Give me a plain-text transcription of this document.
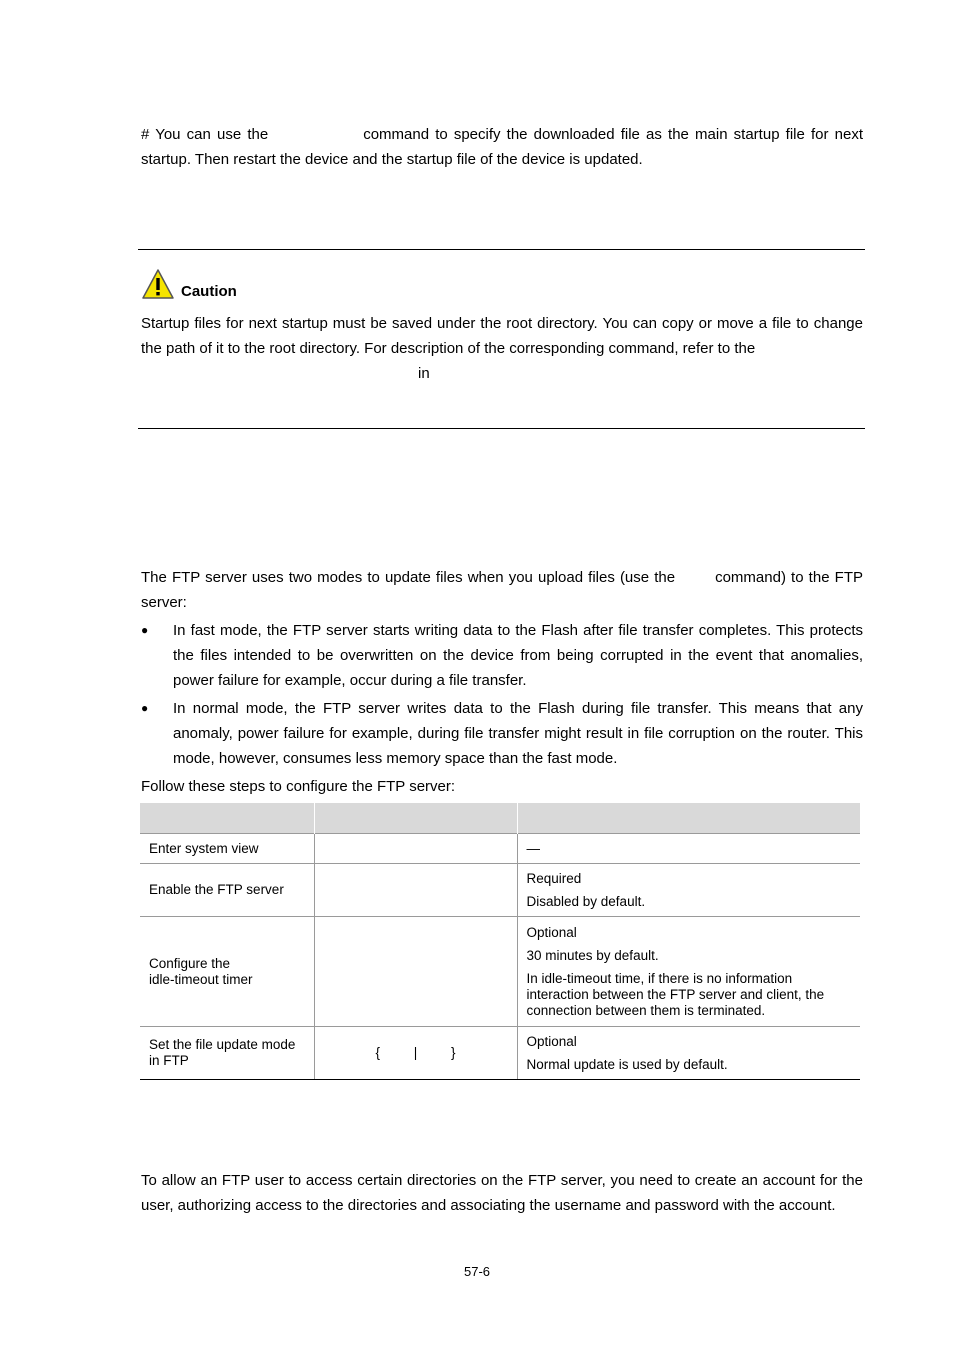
# You can use the	command to specify the downloaded file as the main startup file for next startup. Then restart the device and the startup file of the device is updated.

Caution

Startup files for next startup must be saved under the root directory. You can copy or move a file to change the path of it to the root directory. For description of the corresponding command, refer to the
in

The FTP server uses two modes to update files when you upload files (use the	command) to the FTP server:

● In fast mode, the FTP server starts writing data to the Flash after file transfer completes. This protects the files intended to be overwritten on the device from being corrupted in the event that anomalies, power failure for example, occur during a file transfer.
● In normal mode, the FTP server writes data to the Flash during file transfer. This means that any anomaly, power failure for example, during file transfer might result in file corruption on the router. This mode, however, consumes less memory space than the fast mode.

Follow these steps to configure the FTP server:

Enter system view		—

Enable the FTP server		Required
Disabled by default.

Configure the idle-timeout timer		Optional
30 minutes by default.
In idle-timeout time, if there is no information interaction between the FTP server and client, the connection between them is terminated.

Set the file update mode in FTP	{ | }	Optional
Normal update is used by default.

To allow an FTP user to access certain directories on the FTP server, you need to create an account for the user, authorizing access to the directories and associating the username and password with the account.

57-6
